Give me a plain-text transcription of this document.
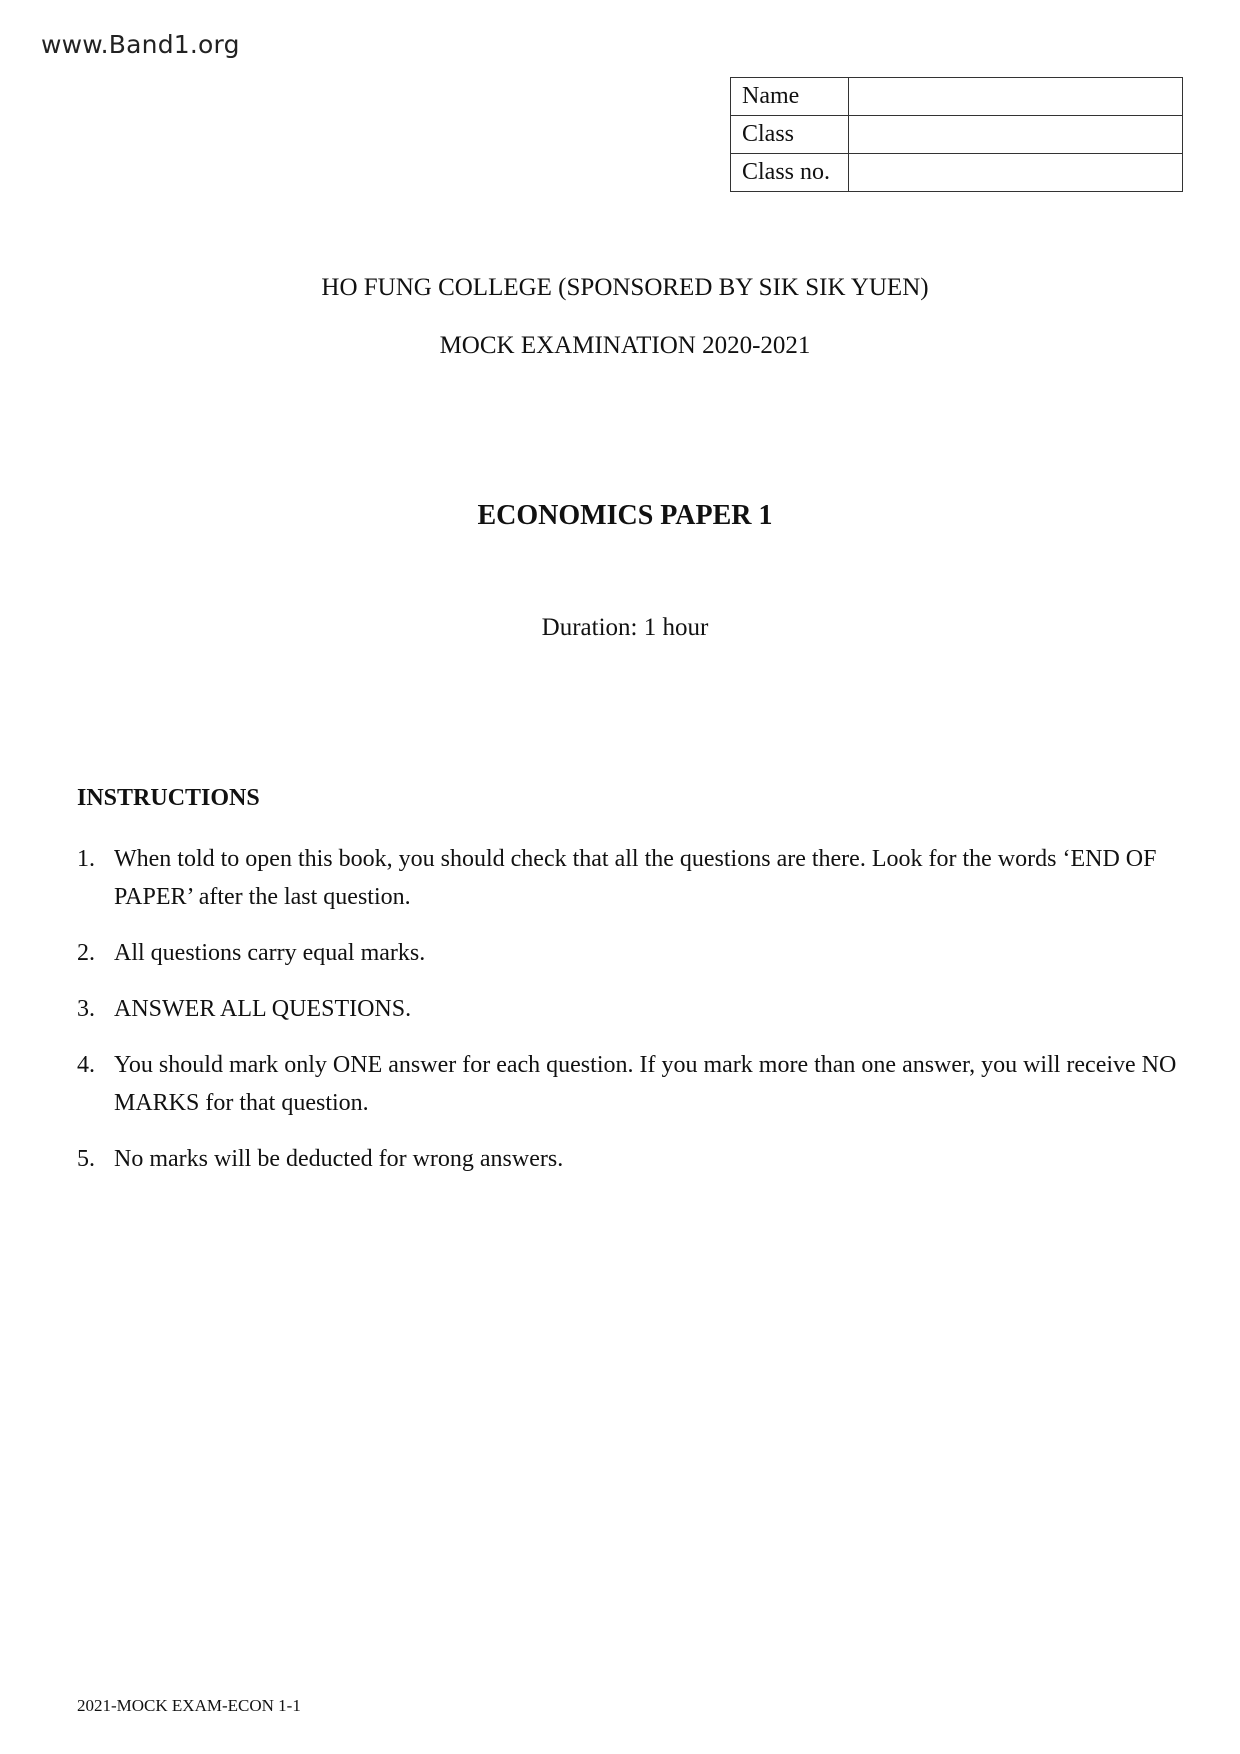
www.Band1.org
Name	
Class	
Class no.	
HO FUNG COLLEGE (SPONSORED BY SIK SIK YUEN)
MOCK EXAMINATION 2020-2021
ECONOMICS PAPER 1
Duration: 1 hour
INSTRUCTIONS
1. When told to open this book, you should check that all the questions are there. Look for the words ‘END OF PAPER’ after the last question.
2. All questions carry equal marks.
3. ANSWER ALL QUESTIONS.
4. You should mark only ONE answer for each question. If you mark more than one answer, you will receive NO MARKS for that question.
5. No marks will be deducted for wrong answers.
2021-MOCK EXAM-ECON 1-1
